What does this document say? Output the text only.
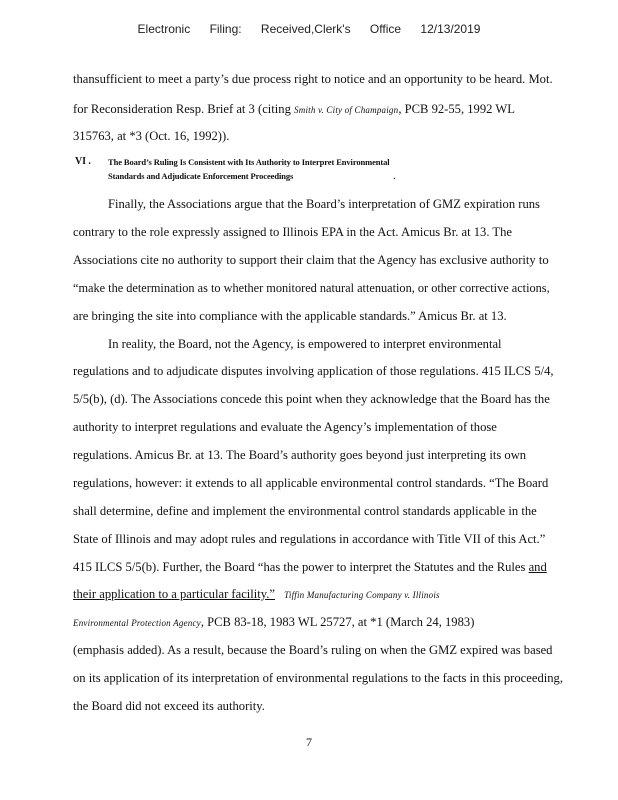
Electronic Filing: Received,Clerk's Office 12/13/2019
thansufficient to meet a party’s due process right to notice and an opportunity to be heard. Mot.
for Reconsideration Resp. Brief at 3 (citing Smith v. City of Champaign, PCB 92-55, 1992 WL
315763, at *3 (Oct. 16, 1992)).
VI . The Board’s Ruling Is Consistent with Its Authority to Interpret Environmental
Standards and Adjudicate Enforcement Proceedings	.
Finally, the Associations argue that the Board’s interpretation of GMZ expiration runs
contrary to the role expressly assigned to Illinois EPA in the Act. Amicus Br. at 13. The
Associations cite no authority to support their claim that the Agency has exclusive authority to
“make the determination as to whether monitored natural attenuation, or other corrective actions,
are bringing the site into compliance with the applicable standards.” Amicus Br. at 13.
In reality, the Board, not the Agency, is empowered to interpret environmental
regulations and to adjudicate disputes involving application of those regulations. 415 ILCS 5/4,
5/5(b), (d). The Associations concede this point when they acknowledge that the Board has the
authority to interpret regulations and evaluate the Agency’s implementation of those
regulations. Amicus Br. at 13. The Board’s authority goes beyond just interpreting its own
regulations, however: it extends to all applicable environmental control standards. “The Board
shall determine, define and implement the environmental control standards applicable in the
State of Illinois and may adopt rules and regulations in accordance with Title VII of this Act.”
415 ILCS 5/5(b). Further, the Board “has the power to interpret the Statutes and the Rules and
their application to a particular facility.” Tiffin Manufacturing Company v. Illinois
Environmental Protection Agency, PCB 83-18, 1983 WL 25727, at *1 (March 24, 1983)
(emphasis added). As a result, because the Board’s ruling on when the GMZ expired was based
on its application of its interpretation of environmental regulations to the facts in this proceeding,
the Board did not exceed its authority.
7
